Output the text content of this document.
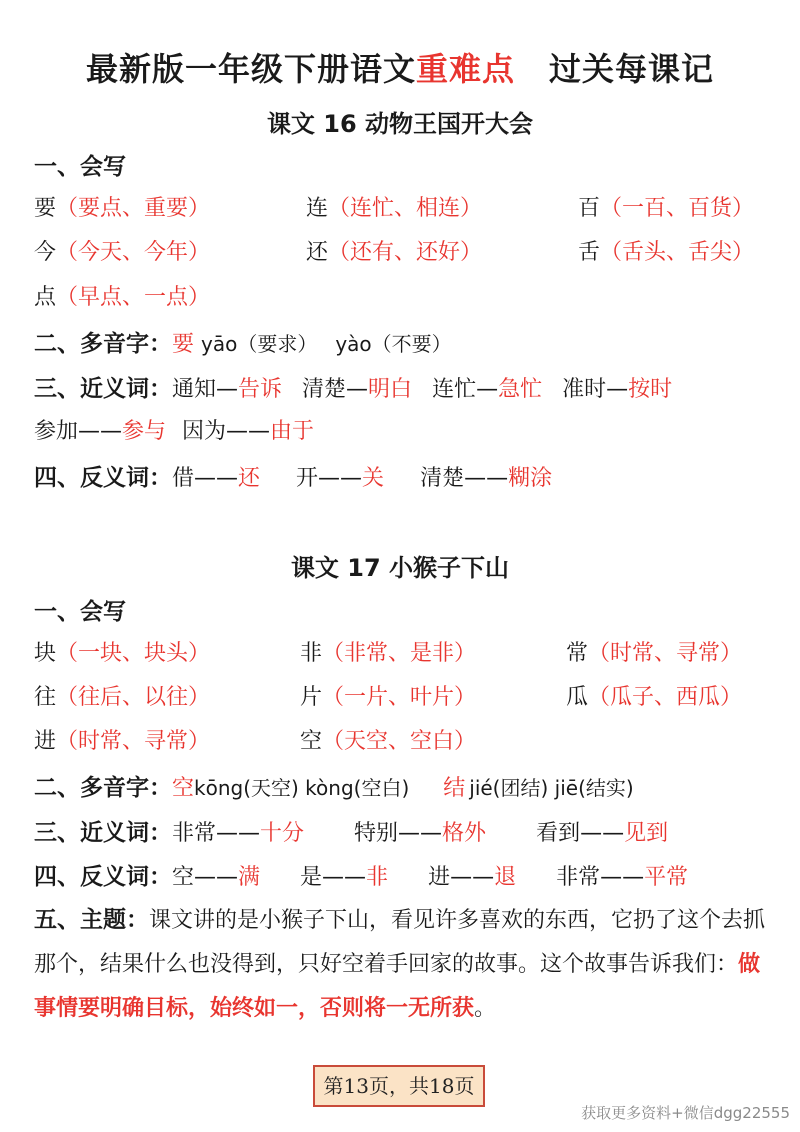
最新版一年级下册语文重难点 过关每课记
课文 16 动物王国开大会
一、会写
要（要点、重要）	连（连忙、相连）	百（一百、百货）
今（今天、今年）	还（还有、还好）	舌（舌头、舌尖）
点（早点、一点）
二、多音字：要 yāo（要求） yào（不要）
三、近义词：通知—告诉 清楚—明白 连忙—急忙 准时—按时
参加——参与 因为——由于
四、反义词：借——还 开——关 清楚——糊涂
课文 17 小猴子下山
一、会写
块（一块、块头）	非（非常、是非）	常（时常、寻常）
往（往后、以往）	片（一片、叶片）	瓜（瓜子、西瓜）
进（时常、寻常）	空（天空、空白）
二、多音字：空kōng(天空) kòng(空白) 结 jié(团结) jiē(结实)
三、近义词：非常——十分 特别——格外 看到——见到
四、反义词：空——满 是——非 进——退 非常——平常
五、主题：课文讲的是小猴子下山，看见许多喜欢的东西，它扔了这个去抓那个，结果什么也没得到，只好空着手回家的故事。这个故事告诉我们：做事情要明确目标，始终如一，否则将一无所获。
第13页，共18页
获取更多资料+微信dgg22555
